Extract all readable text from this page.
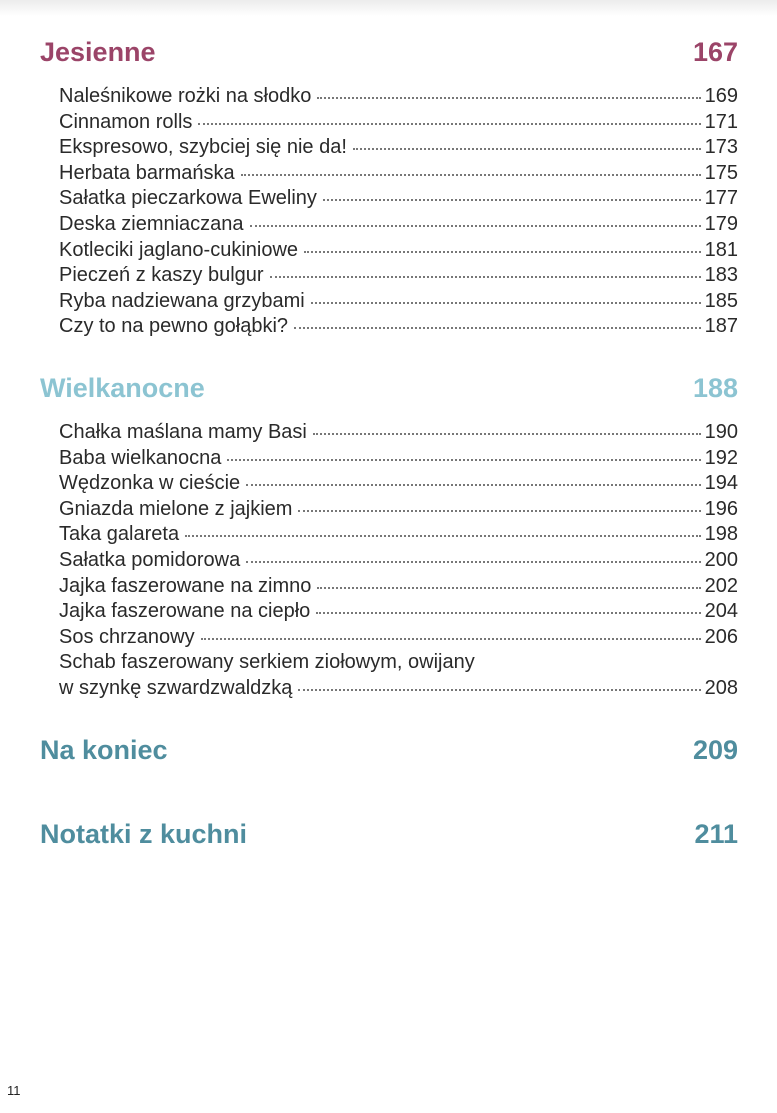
Jesienne	167
Naleśnikowe rożki na słodko	169
Cinnamon rolls	171
Ekspresowo, szybciej się nie da!	173
Herbata barmańska	175
Sałatka pieczarkowa Eweliny	177
Deska ziemniaczana	179
Kotleciki jaglano-cukiniowe	181
Pieczeń z kaszy bulgur	183
Ryba nadziewana grzybami	185
Czy to na pewno gołąbki?	187
Wielkanocne	188
Chałka maślana mamy Basi	190
Baba wielkanocna	192
Wędzonka w cieście	194
Gniazda mielone z jajkiem	196
Taka galareta	198
Sałatka pomidorowa	200
Jajka faszerowane na zimno	202
Jajka faszerowane na ciepło	204
Sos chrzanowy	206
Schab faszerowany serkiem ziołowym, owijany
w szynkę szwardzwaldzką	208
Na koniec	209
Notatki z kuchni	211
11
